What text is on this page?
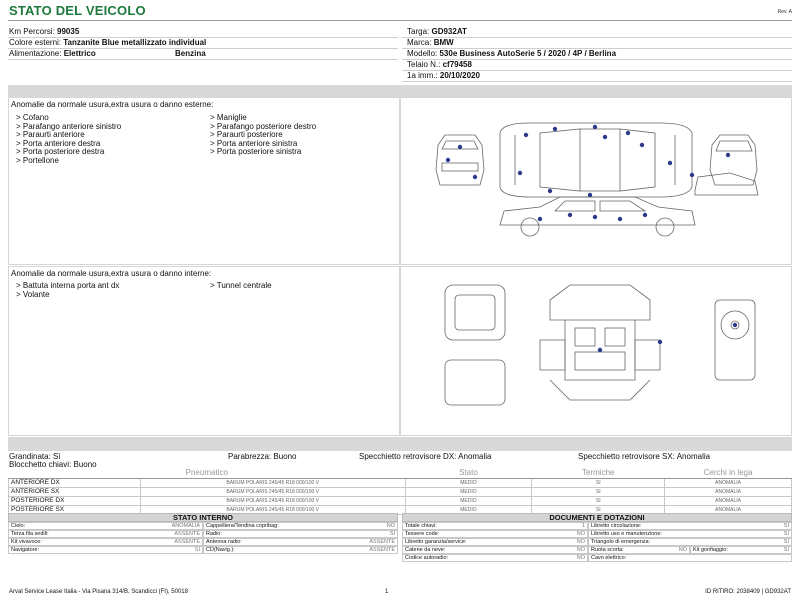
STATO DEL VEICOLO	Rev. A
Km Percorsi: 99035
Colore esterni: Tanzanite Blue metallizzato individual
Alimentazione: Elettrico	Benzina
Targa: GD932AT
Marca: BMW
Modello: 530e Business AutoSerie 5 / 2020 / 4P / Berlina
Telaio N.: cf79458
1a imm.: 20/10/2020
Anomalie da normale usura,extra usura o danno esterne:
> Cofano
> Parafango anteriore sinistro
> Paraurti anteriore
> Porta anteriore destra
> Porta posteriore destra
> Portellone
> Maniglie
> Parafango posteriore destro
> Paraurti posteriore
> Porta anteriore sinistra
> Porta posteriore sinistra
Anomalie da normale usura,extra usura o danno interne:
> Battuta interna porta ant dx
> Volante
> Tunnel centrale
Grandinata: Sì	Parabrezza: Buono	Specchietto retrovisore DX: Anomalia	Specchietto retrovisore SX: Anomalia
Blocchetto chiavi: Buono
Pneumatico		Stato	Termiche	Cerchi in lega
ANTERIORE DX	BARUM POLARIS 245/45 R18 000/100 V	MEDIO	SI	ANOMALIA
ANTERIORE SX	BARUM POLARIS 245/45 R18 000/100 V	MEDIO	SI	ANOMALIA
POSTERIORE DX	BARUM POLARIS 245/45 R18 000/100 V	MEDIO	SI	ANOMALIA
POSTERIORE SX	BARUM POLARIS 245/45 R18 000/100 V	MEDIO	SI	ANOMALIA
STATO INTERNO
Cielo:	ANOMALIA	Cappelliera/Tendina copribag:	NO
Terza fila sedili:	ASSENTE	Radio:	SI
Kit vivavoce:	ASSENTE	Antenna radio:	ASSENTE
Navigatore:	SI	CD(Navig.):	ASSENTE
DOCUMENTI E DOTAZIONI
Totale chiavi:	1	Libretto circolazione:	SI
Tessere code:	NO	Libretto uso e manutenzione:	SI
Libretto garanzia/service:	NO	Triangolo di emergenza:	SI
Catene da neve:	NO	Ruota scorta:	NO	Kit gonfiaggio:	SI
Codice autoradio:	NO	Cavo elettrico:
Arval Service Lease Italia - Via Pisana 314/B, Scandicci (FI), 50018	1	ID RITIRO: 2038409 | GD932AT
